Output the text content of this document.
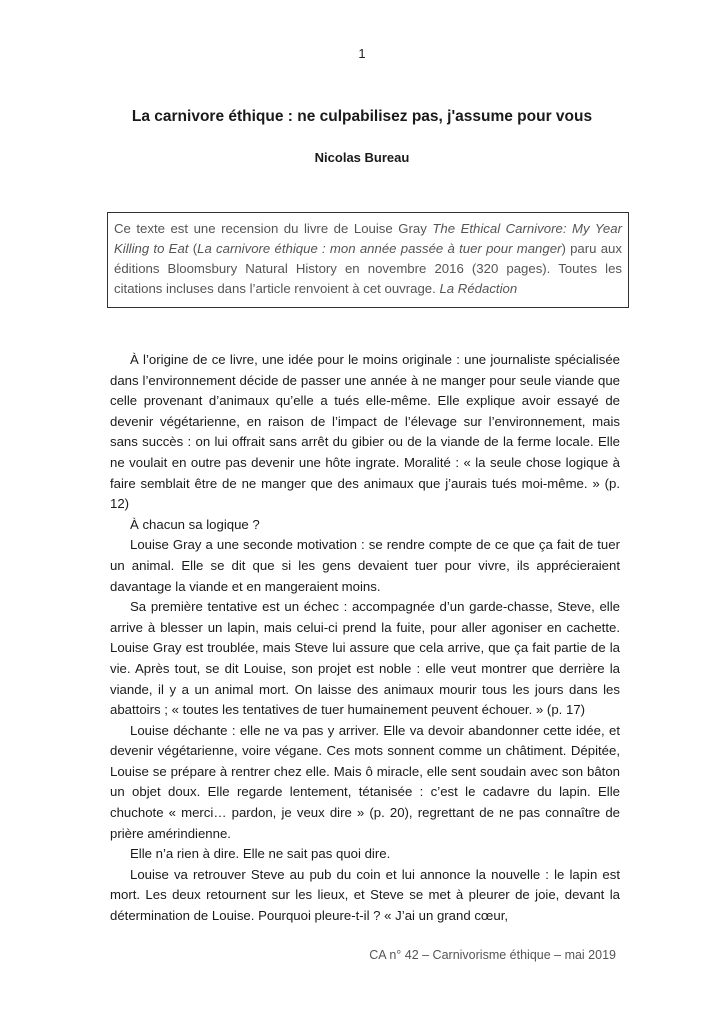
1
La carnivore éthique : ne culpabilisez pas, j'assume pour vous
Nicolas Bureau
Ce texte est une recension du livre de Louise Gray The Ethical Carnivore: My Year Killing to Eat (La carnivore éthique : mon année passée à tuer pour manger) paru aux éditions Bloomsbury Natural History en novembre 2016 (320 pages). Toutes les citations incluses dans l’article renvoient à cet ouvrage. La Rédaction

À l’origine de ce livre, une idée pour le moins originale : une journaliste spécialisée dans l’environnement décide de passer une année à ne manger pour seule viande que celle provenant d’animaux qu’elle a tués elle-même. Elle explique avoir essayé de devenir végétarienne, en raison de l’impact de l’élevage sur l’environnement, mais sans succès : on lui offrait sans arrêt du gibier ou de la viande de la ferme locale. Elle ne voulait en outre pas devenir une hôte ingrate. Moralité : « la seule chose logique à faire semblait être de ne manger que des animaux que j’aurais tués moi-même. » (p. 12)

À chacun sa logique ?

Louise Gray a une seconde motivation : se rendre compte de ce que ça fait de tuer un animal. Elle se dit que si les gens devaient tuer pour vivre, ils apprécieraient davantage la viande et en mangeraient moins.

Sa première tentative est un échec : accompagnée d’un garde-chasse, Steve, elle arrive à blesser un lapin, mais celui-ci prend la fuite, pour aller agoniser en cachette. Louise Gray est troublée, mais Steve lui assure que cela arrive, que ça fait partie de la vie. Après tout, se dit Louise, son projet est noble : elle veut montrer que derrière la viande, il y a un animal mort. On laisse des animaux mourir tous les jours dans les abattoirs ; « toutes les tentatives de tuer humainement peuvent échouer. » (p. 17)

Louise déchante : elle ne va pas y arriver. Elle va devoir abandonner cette idée, et devenir végétarienne, voire végane. Ces mots sonnent comme un châtiment. Dépitée, Louise se prépare à rentrer chez elle. Mais ô miracle, elle sent soudain avec son bâton un objet doux. Elle regarde lentement, tétanisée : c’est le cadavre du lapin. Elle chuchote « merci… pardon, je veux dire » (p. 20), regrettant de ne pas connaître de prière amérindienne.

Elle n’a rien à dire. Elle ne sait pas quoi dire.

Louise va retrouver Steve au pub du coin et lui annonce la nouvelle : le lapin est mort. Les deux retournent sur les lieux, et Steve se met à pleurer de joie, devant la détermination de Louise. Pourquoi pleure-t-il ? « J’ai un grand cœur,

CA n° 42 – Carnivorisme éthique – mai 2019
